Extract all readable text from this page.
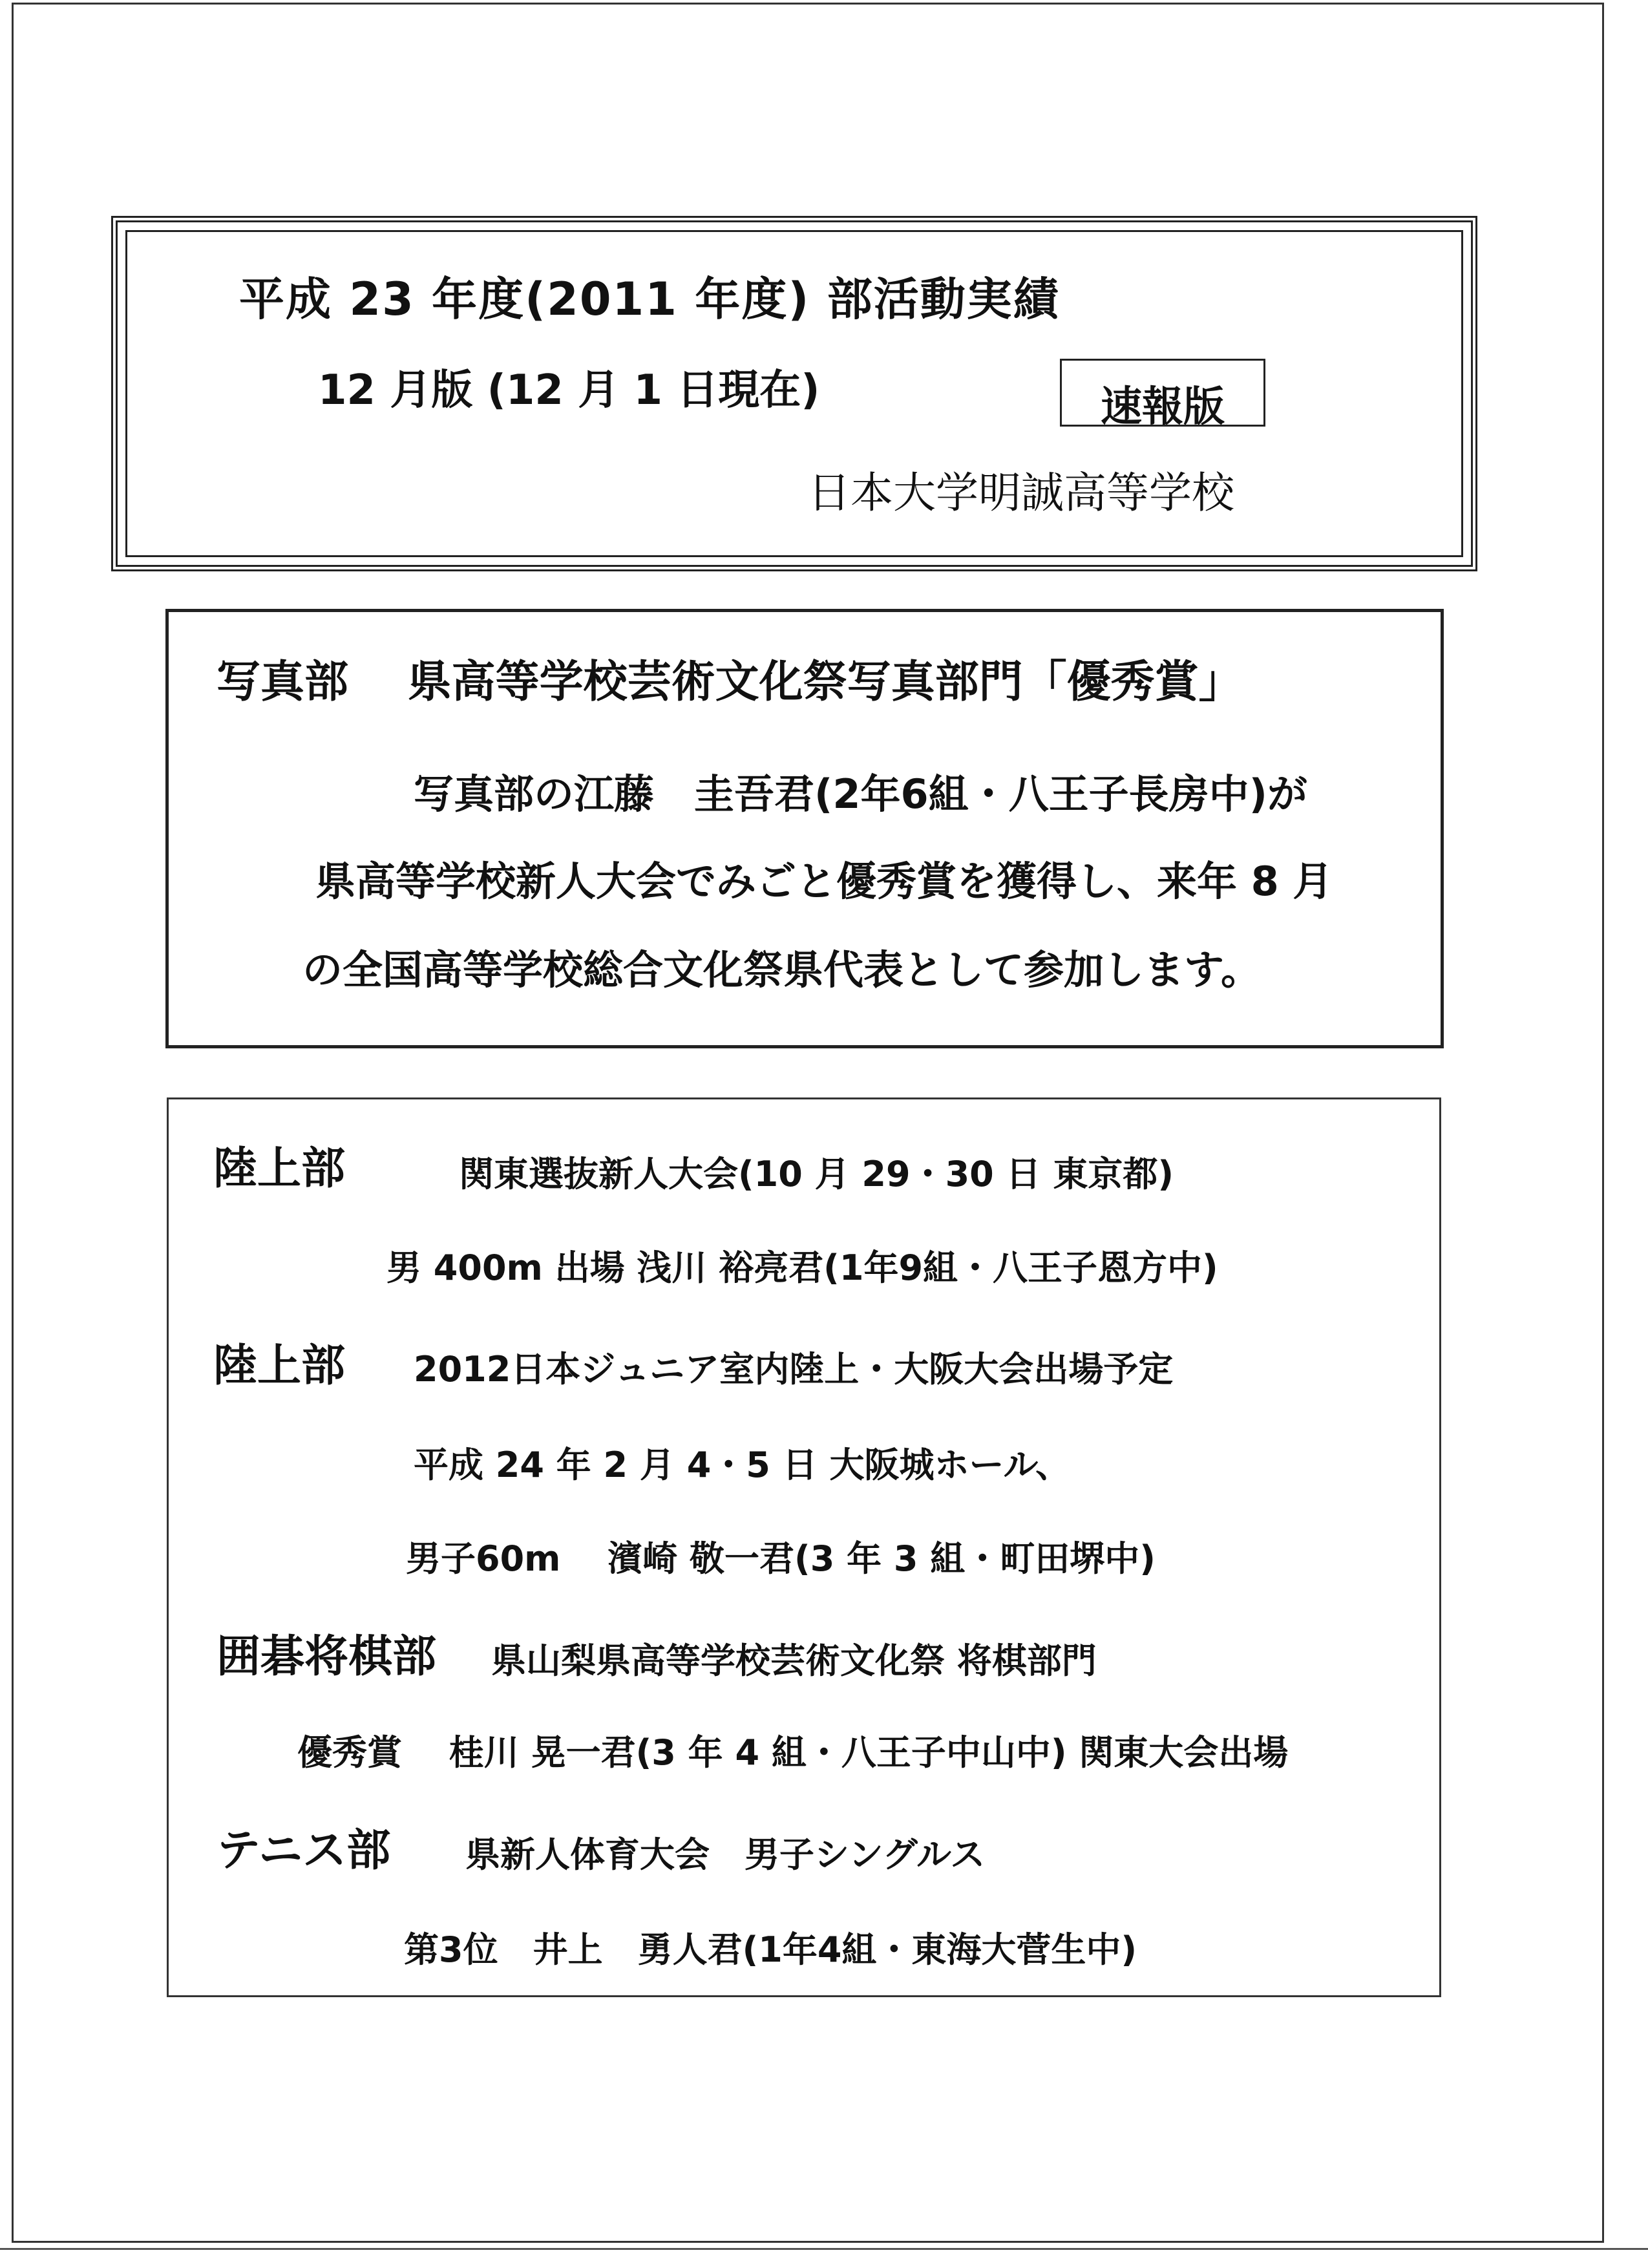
平成 23 年度(2011 年度) 部活動実績
12 月版 (12 月 1 日現在)	速報版
日本大学明誠高等学校
写真部　 県高等学校芸術文化祭写真部門「優秀賞」
写真部の江藤　圭吾君(2年6組・八王子長房中)が
県高等学校新人大会でみごと優秀賞を獲得し、来年 8 月
の全国高等学校総合文化祭県代表として参加します。
陸上部	関東選抜新人大会(10 月 29・30 日 東京都)
男 400m 出場 浅川 裕亮君(1年9組・八王子恩方中)
陸上部 2012日本ジュニア室内陸上・大阪大会出場予定
平成 24 年 2 月 4・5 日 大阪城ホール、
男子60m　 濱崎 敬一君(3 年 3 組・町田堺中)
囲碁将棋部 県山梨県高等学校芸術文化祭 将棋部門
優秀賞　 桂川 晃一君(3 年 4 組・八王子中山中) 関東大会出場
テニス部 県新人体育大会　男子シングルス
第3位　井上　勇人君(1年4組・東海大菅生中)
